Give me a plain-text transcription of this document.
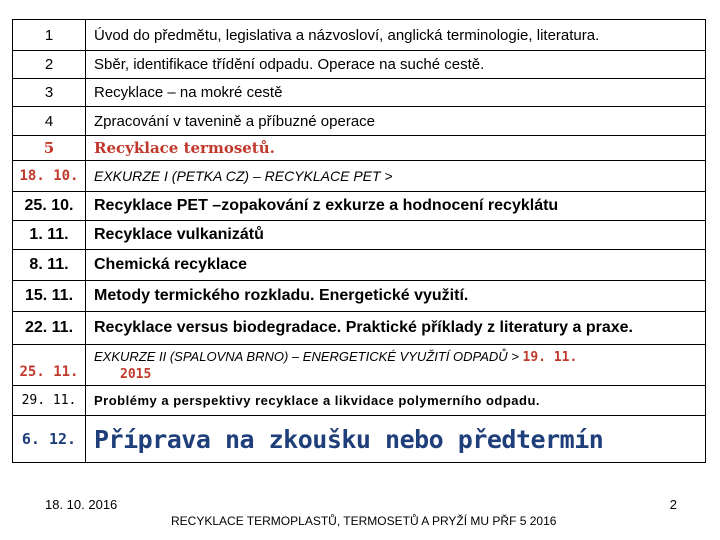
1	Úvod do předmětu, legislativa a názvosloví, anglická terminologie, literatura.
2	Sběr, identifikace třídění odpadu. Operace na suché cestě.
3	Recyklace – na mokré cestě
4	Zpracování v tavenině a příbuzné operace
5	Recyklace termosetů.
18. 10.	EXKURZE I (PETKA CZ) – RECYKLACE PET >
25. 10.	Recyklace PET –zopakování z exkurze a hodnocení recyklátu
1. 11.	Recyklace vulkanizátů
8. 11.	Chemická recyklace
15. 11.	Metody termického rozkladu. Energetické využití.
22. 11.	Recyklace versus biodegradace. Praktické příklady z literatury a praxe.
25. 11.	EXKURZE II (SPALOVNA BRNO) – ENERGETICKÉ VYUŽITÍ ODPADŮ > 19. 11.
2015
29. 11.	Problémy a perspektivy recyklace a likvidace polymerního odpadu.
6. 12.	Příprava na zkoušku nebo předtermín
18. 10. 2016	2
RECYKLACE TERMOPLASTŮ, TERMOSETŮ A PRYŽÍ MU PŘF 5 2016
